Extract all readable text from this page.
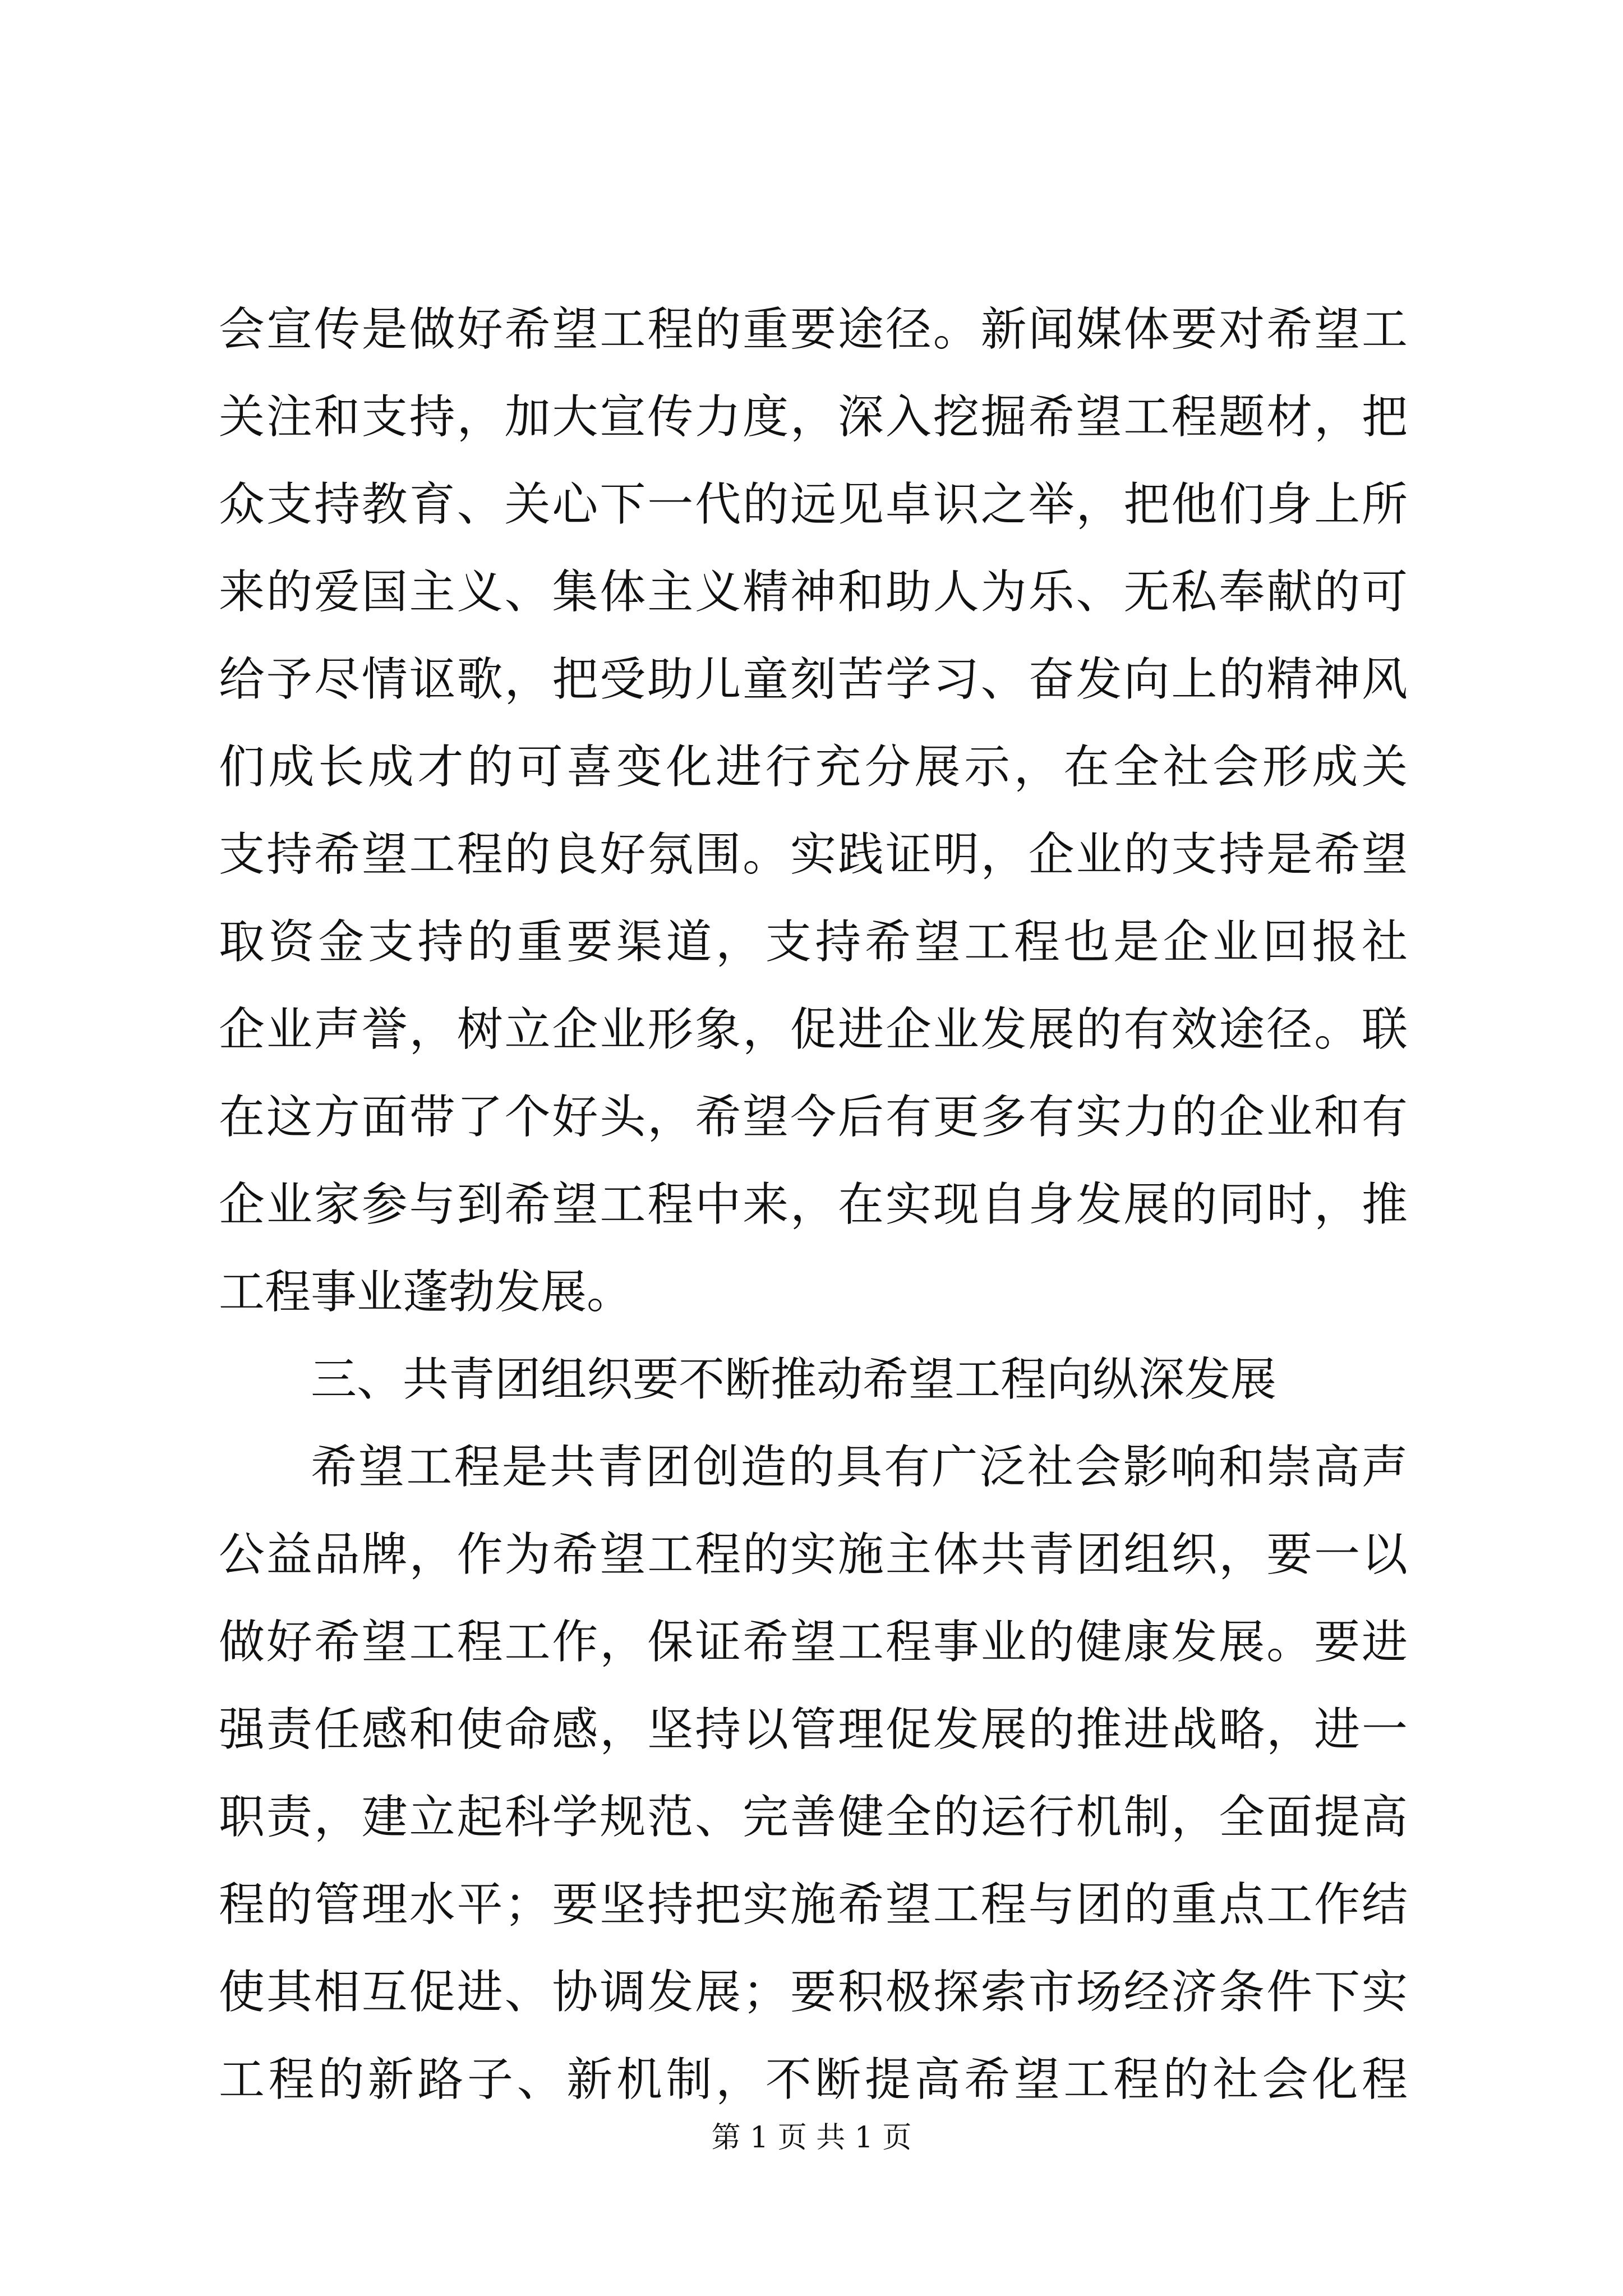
会宣传是做好希望工程的重要途径。新闻媒体要对希望工
关注和支持，加大宣传力度，深入挖掘希望工程题材，把
众支持教育、关心下一代的远见卓识之举，把他们身上所
来的爱国主义、集体主义精神和助人为乐、无私奉献的可
给予尽情讴歌，把受助儿童刻苦学习、奋发向上的精神风
们成长成才的可喜变化进行充分展示，在全社会形成关
支持希望工程的良好氛围。实践证明，企业的支持是希望
取资金支持的重要渠道，支持希望工程也是企业回报社
企业声誉，树立企业形象，促进企业发展的有效途径。联
在这方面带了个好头，希望今后有更多有实力的企业和有
企业家参与到希望工程中来，在实现自身发展的同时，推
工程事业蓬勃发展。
三、共青团组织要不断推动希望工程向纵深发展
希望工程是共青团创造的具有广泛社会影响和崇高声
公益品牌，作为希望工程的实施主体共青团组织，要一以
做好希望工程工作，保证希望工程事业的健康发展。要进
强责任感和使命感，坚持以管理促发展的推进战略，进一
职责，建立起科学规范、完善健全的运行机制，全面提高
程的管理水平；要坚持把实施希望工程与团的重点工作结
使其相互促进、协调发展；要积极探索市场经济条件下实
工程的新路子、新机制，不断提高希望工程的社会化程
第 1 页 共 1 页
